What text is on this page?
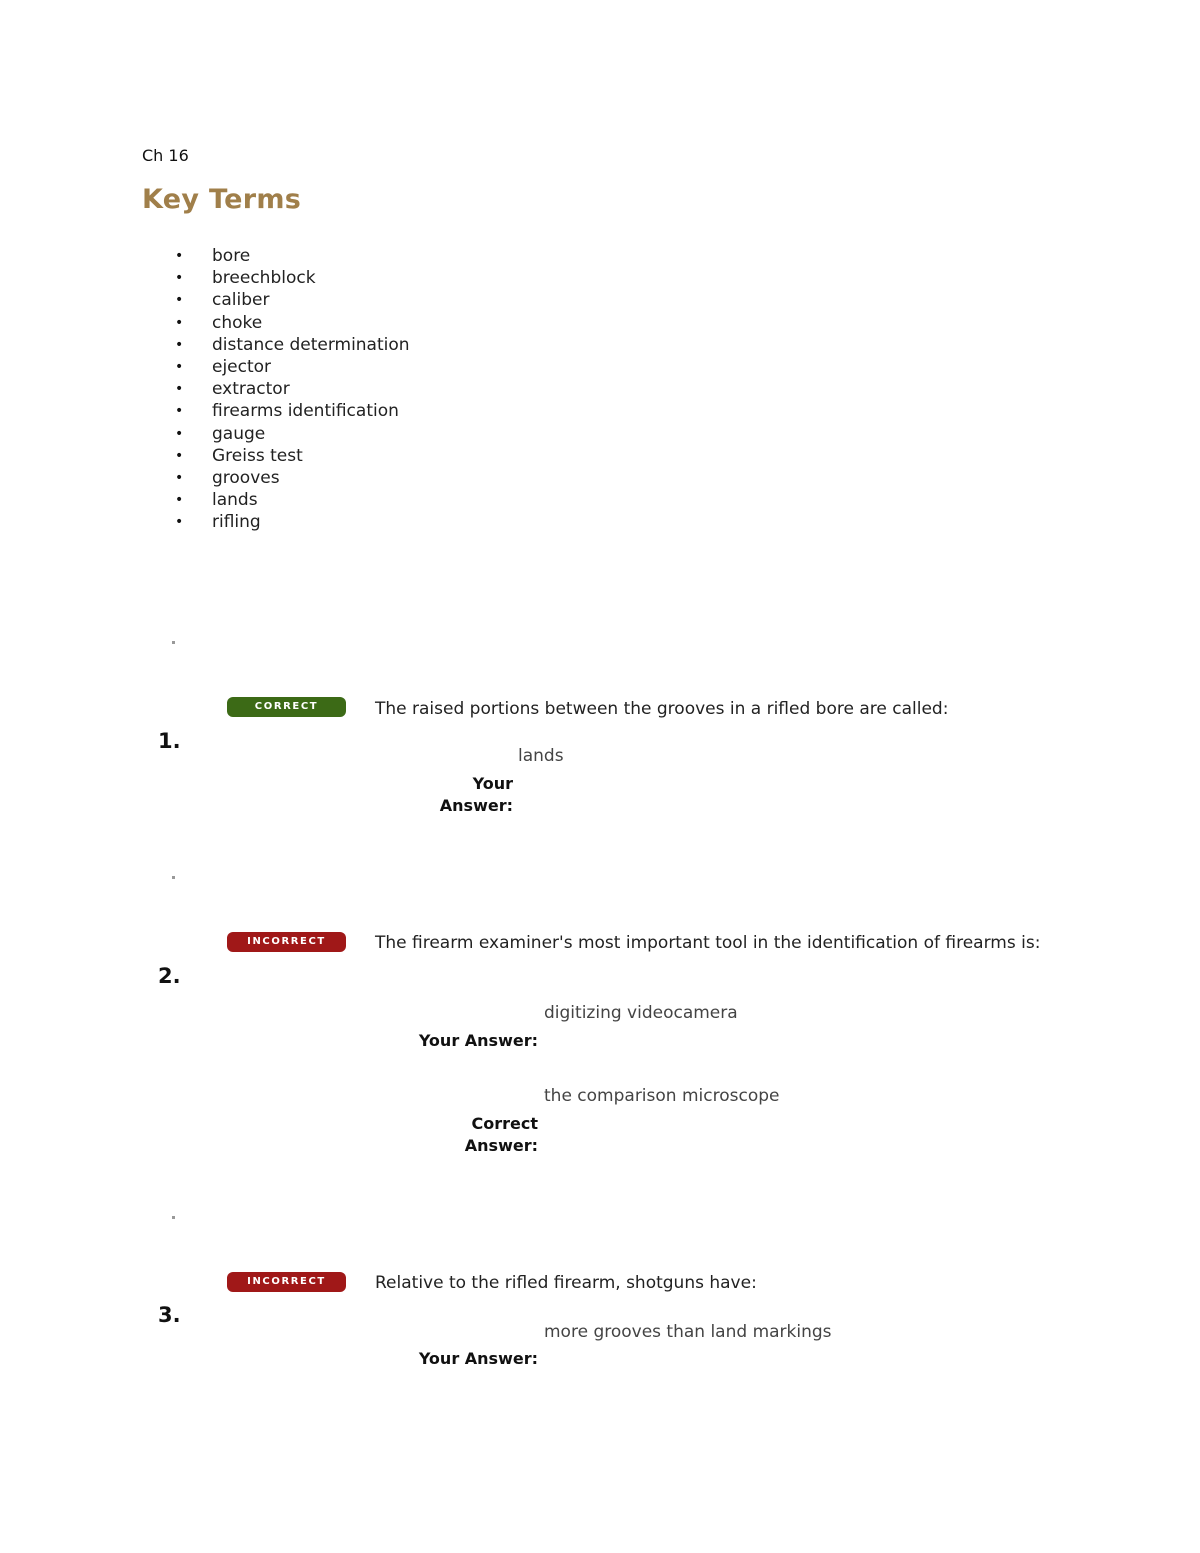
Ch 16
Key Terms
• bore
• breechblock
• caliber
• choke
• distance determination
• ejector
• extractor
• firearms identification
• gauge
• Greiss test
• grooves
• lands
• rifling
CORRECT
1.
The raised portions between the grooves in a rifled bore are called:
lands
Your Answer:
INCORRECT
2.
The firearm examiner's most important tool in the identification of firearms is:
digitizing videocamera
Your Answer:
the comparison microscope
Correct Answer:
INCORRECT
3.
Relative to the rifled firearm, shotguns have:
more grooves than land markings
Your Answer:
